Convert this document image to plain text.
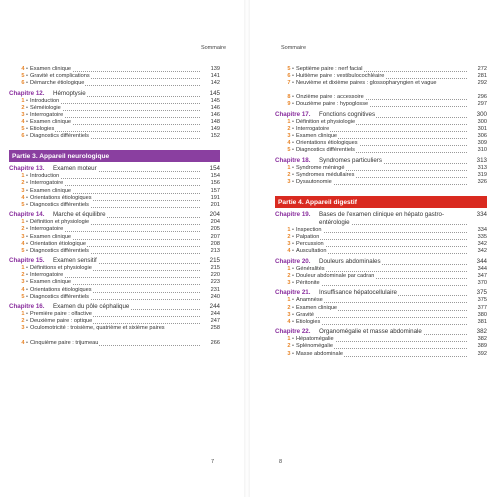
Sommaire
4 • Examen clinique	139
5 • Gravité et complications	141
6 • Démarche étiologique	142
Chapitre 12.	Hémoptysie	145
1 • Introduction	145
2 • Séméiologie	146
3 • Interrogatoire	146
4 • Examen clinique	148
5 • Étiologies	149
6 • Diagnostics différentiels	152
Partie 3. Appareil neurologique
Chapitre 13.	Examen moteur	154
1 • Introduction	154
2 • Interrogatoire	156
3 • Examen clinique	157
4 • Orientations étiologiques	191
5 • Diagnostics différentiels	201
Chapitre 14.	Marche et équilibre	204
1 • Définition et physiologie	204
2 • Interrogatoire	205
3 • Examen clinique	207
4 • Orientation étiologique	208
5 • Diagnostics différentiels	213
Chapitre 15.	Examen sensitif	215
1 • Définitions et physiologie	215
2 • Interrogatoire	220
3 • Examen clinique	223
4 • Orientations étiologiques	231
5 • Diagnostics différentiels	240
Chapitre 16.	Examen du pôle céphalique	244
1 • Première paire : olfactive	244
2 • Deuxième paire : optique	247
3 • Oculomotricité : troisième, quatrième et sixième paires	258
4 • Cinquième paire : trijumeau	266
7
Sommaire
5 • Septième paire : nerf facial	272
6 • Huitième paire : vestibulocochléaire	281
7 • Neuvième et dixième paires : glossopharyngien et vague	292
8 • Onzième paire : accessoire	296
9 • Douzième paire : hypoglosse	297
Chapitre 17.	Fonctions cognitives	300
1 • Définition et physiologie	300
2 • Interrogatoire	301
3 • Examen clinique	306
4 • Orientations étiologiques	309
5 • Diagnostics différentiels	310
Chapitre 18.	Syndromes particuliers	313
1 • Syndrome méningé	313
2 • Syndromes médullaires	319
3 • Dysautonomie	326
Partie 4. Appareil digestif
Chapitre 19.	Bases de l'examen clinique en hépato gastro-entérologie
334
1 • Inspection	334
2 • Palpation	335
3 • Percussion	342
4 • Auscultation	342
Chapitre 20.	Douleurs abdominales	344
1 • Généralités	344
2 • Douleur abdominale par cadran	347
3 • Péritonite	370
Chapitre 21.	Insuffisance hépatocellulaire	375
1 • Anamnèse	375
2 • Examen clinique	377
3 • Gravité	380
4 • Étiologies	381
Chapitre 22.	Organomégalie et masse abdominale	382
1 • Hépatomégalie	382
2 • Splénomégalie	389
3 • Masse abdominale	392
8
